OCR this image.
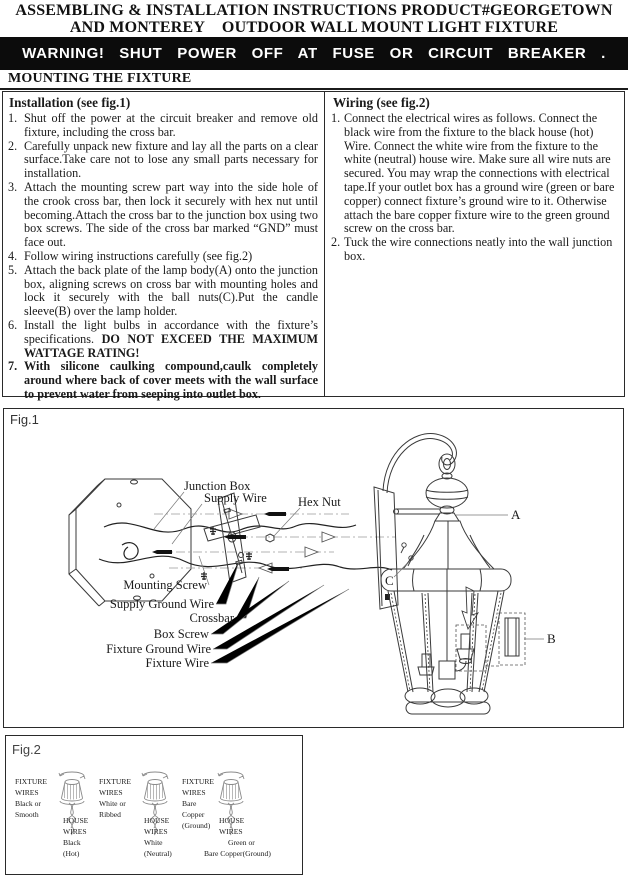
ASSEMBLING & INSTALLATION INSTRUCTIONS PRODUCT#GEORGETOWN
AND MONTEREY    OUTDOOR WALL MOUNT LIGHT FIXTURE
WARNING! SHUT POWER OFF AT FUSE OR CIRCUIT BREAKER .
MOUNTING THE FIXTURE
Installation (see fig.1)
1. Shut off the power at the circuit breaker and remove old fixture, including the cross bar.
2. Carefully unpack new fixture and lay all the parts on a clear surface.Take care not to lose any small parts necessary for installation.
3. Attach the mounting screw part way into the side hole of the crook cross bar, then lock it securely with hex nut until becoming.Attach the cross bar to the junction box using two box screws. The side of the cross bar marked “GND” must face out.
4. Follow wiring instructions carefully (see fig.2)
5. Attach the back plate of the lamp body(A) onto the junction box, aligning screws on cross bar with mounting holes and lock it securely with the ball nuts(C).Put the candle sleeve(B) over the lamp holder.
6. Install the light bulbs in accordance with the fixture’s specifications. DO NOT EXCEED THE MAXIMUM WATTAGE RATING!
7. With silicone caulking compound,caulk completely around where back of cover meets with the wall surface to prevent water from seeping into outlet box.
Wiring (see fig.2)
1. Connect the electrical wires as follows. Connect the black wire from the fixture to the black house (hot) Wire. Connect the white wire from the fixture to the white (neutral) house wire. Make sure all wire nuts are secured. You may wrap the connections with electrical tape.If your outlet box has a ground wire (green or bare copper) connect fixture’s ground wire to it. Otherwise attach the bare copper fixture wire to the green ground screw on the cross bar.
2. Tuck the wire connections neatly into the wall junction box.
Fig.1
Junction Box
Supply Wire Hex Nut
Mounting Screw
Supply Ground Wire
Crossbar
Box Screw
Fixture Ground Wire
Fixture Wire
A
B
C
Fig.2
FIXTURE
WIRES
Black or
Smooth
HOUSE
WIRES
Black
(Hot)
FIXTURE
WIRES
White or
Ribbed
HOUSE
WIRES
White
(Neutral)
FIXTURE
WIRES
Bare
Copper
(Ground)
HOUSE
WIRES
Green or
Bare Copper(Ground)
